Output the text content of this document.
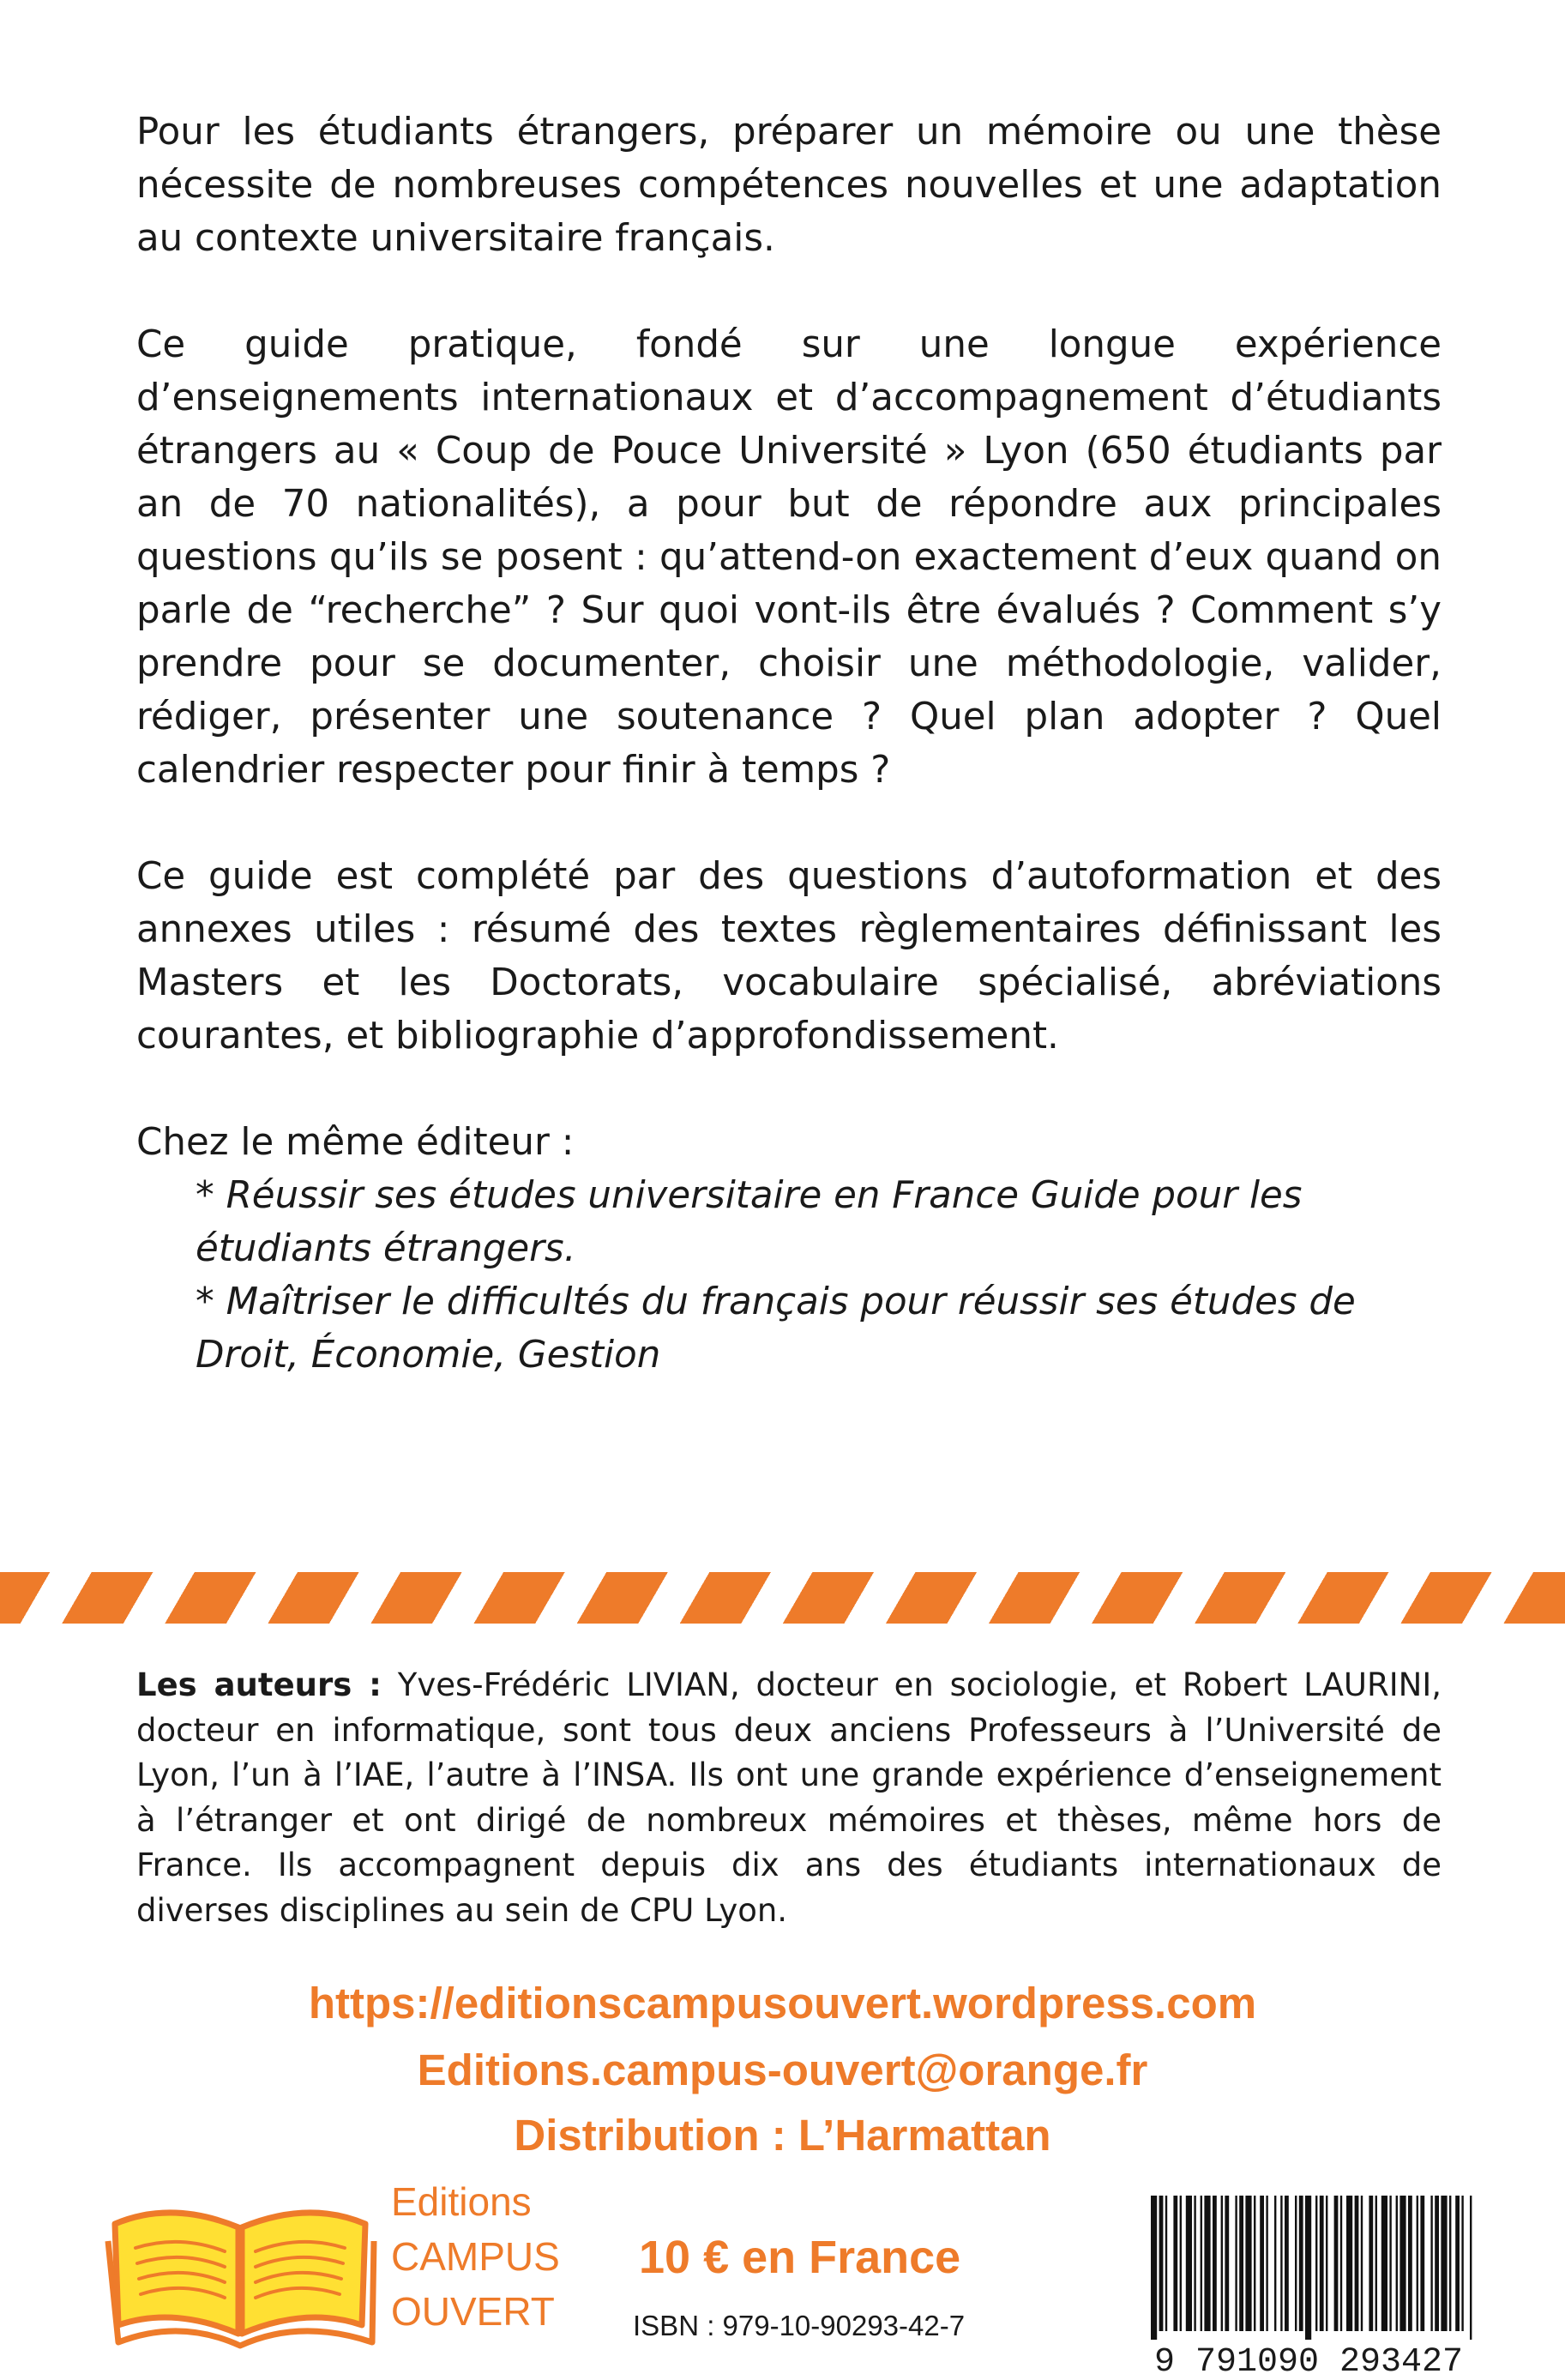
Pour les étudiants étrangers, préparer un mémoire ou une thèse nécessite de nombreuses compétences nouvelles et une adaptation au contexte universitaire français.

Ce guide pratique, fondé sur une longue expérience d’enseignements internationaux et d’accompagnement d’étudiants étrangers au « Coup de Pouce Université » Lyon (650 étudiants par an de 70 nationalités), a pour but de répondre aux principales questions qu’ils se posent : qu’attend-on exactement d’eux quand on parle de “recherche” ? Sur quoi vont-ils être évalués ? Comment s’y prendre pour se documenter, choisir une méthodologie, valider, rédiger, présenter une soutenance ? Quel plan adopter ? Quel calendrier respecter pour finir à temps ?

Ce guide est complété par des questions d’autoformation et des annexes utiles : résumé des textes règlementaires définissant les Masters et les Doctorats, vocabulaire spécialisé, abréviations courantes, et bibliographie d’approfondissement.

Chez le même éditeur :

* Réussir ses études universitaire en France Guide pour les étudiants étrangers.

* Maîtriser le difficultés du français pour réussir ses études de Droit, Économie, Gestion

Les auteurs : Yves-Frédéric LIVIAN, docteur en sociologie, et Robert LAURINI, docteur en informatique, sont tous deux anciens Professeurs à l’Université de Lyon, l’un à l’IAE, l’autre à l’INSA. Ils ont une grande expérience d’enseignement à l’étranger et ont dirigé de nombreux mémoires et thèses, même hors de France. Ils accompagnent depuis dix ans des étudiants internationaux de diverses disciplines au sein de CPU Lyon.

https://editionscampusouvert.wordpress.com
Editions.campus-ouvert@orange.fr
Distribution : L’Harmattan
Editions
CAMPUS
OUVERT
10 € en France
ISBN : 979-10-90293-42-7
9 791090 293427
